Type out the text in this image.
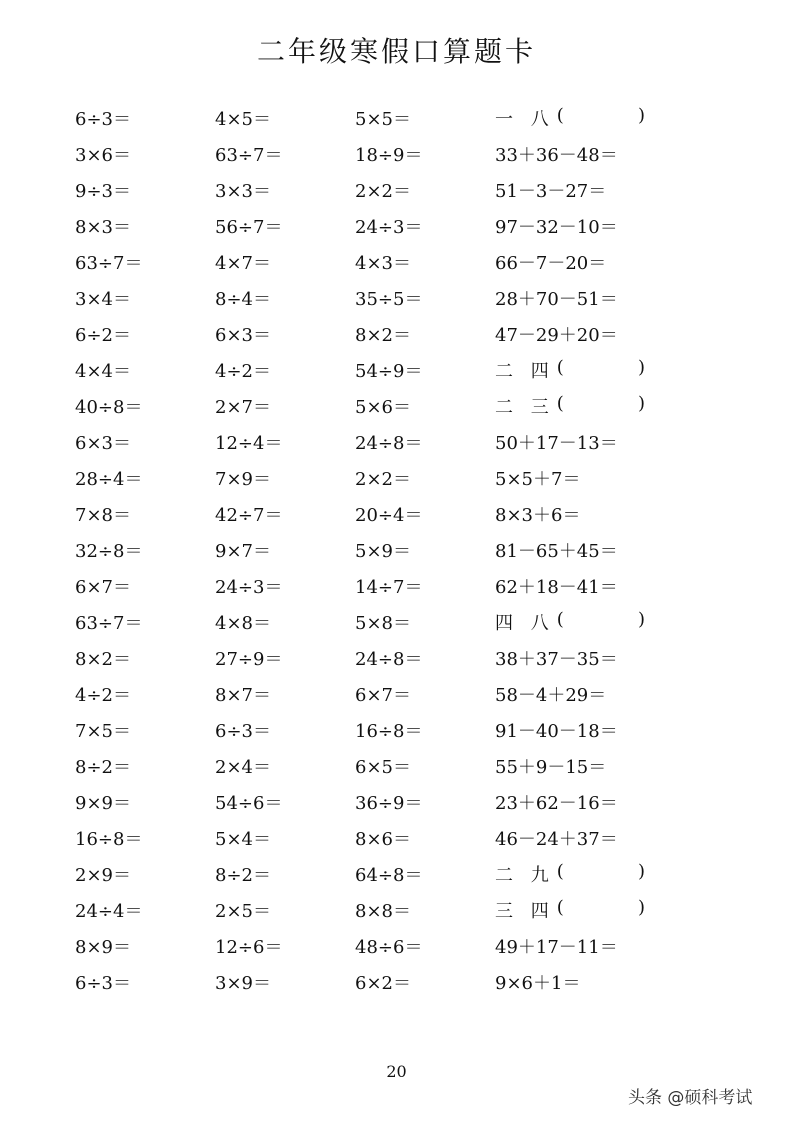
二年级寒假口算题卡
6÷3＝	4×5＝	5×5＝	一 八 (	)
3×6＝	63÷7＝	18÷9＝	33＋36－48＝
9÷3＝	3×3＝	2×2＝	51－3－27＝
8×3＝	56÷7＝	24÷3＝	97－32－10＝
63÷7＝	4×7＝	4×3＝	66－7－20＝
3×4＝	8÷4＝	35÷5＝	28＋70－51＝
6÷2＝	6×3＝	8×2＝	47－29＋20＝
4×4＝	4÷2＝	54÷9＝	二 四 (	)
40÷8＝	2×7＝	5×6＝	二 三 (	)
6×3＝	12÷4＝	24÷8＝	50＋17－13＝
28÷4＝	7×9＝	2×2＝	5×5＋7＝
7×8＝	42÷7＝	20÷4＝	8×3＋6＝
32÷8＝	9×7＝	5×9＝	81－65＋45＝
6×7＝	24÷3＝	14÷7＝	62＋18－41＝
63÷7＝	4×8＝	5×8＝	四 八 (	)
8×2＝	27÷9＝	24÷8＝	38＋37－35＝
4÷2＝	8×7＝	6×7＝	58－4＋29＝
7×5＝	6÷3＝	16÷8＝	91－40－18＝
8÷2＝	2×4＝	6×5＝	55＋9－15＝
9×9＝	54÷6＝	36÷9＝	23＋62－16＝
16÷8＝	5×4＝	8×6＝	46－24＋37＝
2×9＝	8÷2＝	64÷8＝	二 九 (	)
24÷4＝	2×5＝	8×8＝	三 四 (	)
8×9＝	12÷6＝	48÷6＝	49＋17－11＝
6÷3＝	3×9＝	6×2＝	9×6＋1＝
20
头条 @硕科考试
